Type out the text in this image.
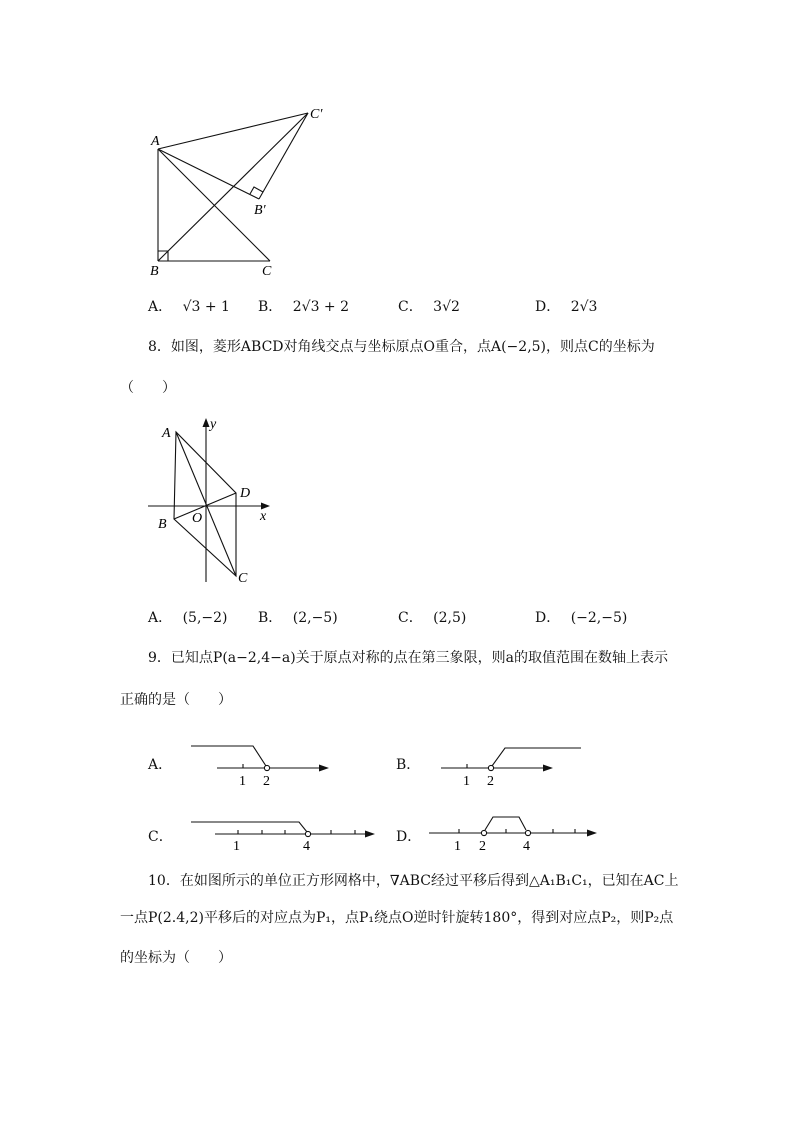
A
B	C
B′
C′
A． √3 + 1 B． 2√3 + 2	C． 3√2	D． 2√3
8．如图，菱形ABCD对角线交点与坐标原点O重合，点A(−2,5)，则点C的坐标为
（　　）
A
B
C
D
O	x
y
A． (5,−2) B． (2,−5)	C． (2,5)	D． (−2,−5)
9．已知点P(a−2,4−a)关于原点对称的点在第三象限，则a的取值范围在数轴上表示
正确的是（　　）
A．
1 2
B．
1 2
C．
1	4
D．
1 2	4
10．在如图所示的单位正方形网格中，∇ABC经过平移后得到△A₁B₁C₁，已知在AC上
一点P(2.4,2)平移后的对应点为P₁，点P₁绕点O逆时针旋转180°，得到对应点P₂，则P₂点
的坐标为（　　）
